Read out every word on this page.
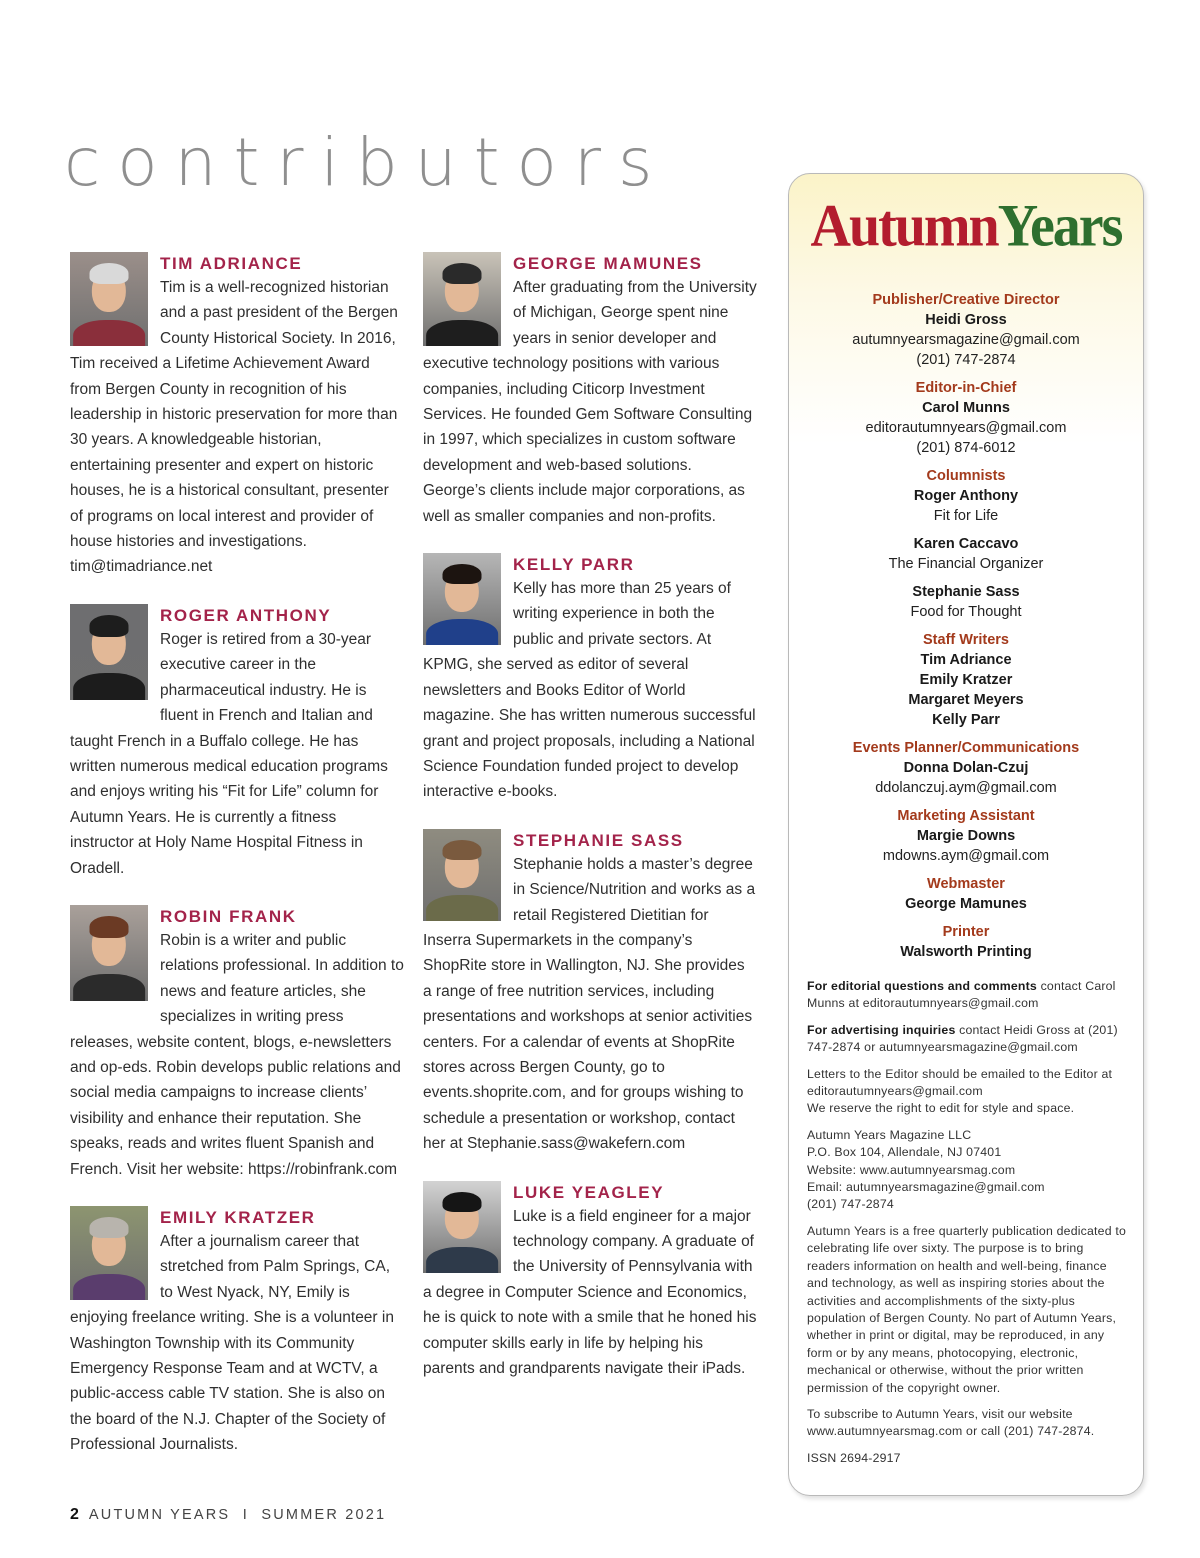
contributors
TIM ADRIANCE

Tim is a well-recognized historian and a past president of the Bergen County Historical Society. In 2016, Tim received a Lifetime Achievement Award from Bergen County in recognition of his leadership in historic preservation for more than 30 years. A knowledgeable historian, entertaining presenter and expert on historic houses, he is a historical consultant, presenter of programs on local interest and provider of house histories and investigations. tim@timadriance.net

ROGER ANTHONY

Roger is retired from a 30-year executive career in the pharmaceutical industry. He is fluent in French and Italian and taught French in a Buffalo college. He has written numerous medical education programs and enjoys writing his “Fit for Life” column for Autumn Years. He is currently a fitness instructor at Holy Name Hospital Fitness in Oradell.

ROBIN FRANK

Robin is a writer and public relations professional. In addition to news and feature articles, she specializes in writing press releases, website content, blogs, e-newsletters and op-eds. Robin develops public relations and social media campaigns to increase clients’ visibility and enhance their reputation. She speaks, reads and writes fluent Spanish and French. Visit her website: https://robinfrank.com

EMILY KRATZER

After a journalism career that stretched from Palm Springs, CA, to West Nyack, NY, Emily is enjoying freelance writing. She is a volunteer in Washington Township with its Community Emergency Response Team and at WCTV, a public-access cable TV station. She is also on the board of the N.J. Chapter of the Society of Professional Journalists.

GEORGE MAMUNES

After graduating from the University of Michigan, George spent nine years in senior developer and executive technology positions with various companies, including Citicorp Investment Services. He founded Gem Software Consulting in 1997, which specializes in custom software development and web-based solutions. George’s clients include major corporations, as well as smaller companies and non-profits.

KELLY PARR

Kelly has more than 25 years of writing experience in both the public and private sectors. At KPMG, she served as editor of several newsletters and Books Editor of World magazine. She has written numerous successful grant and project proposals, including a National Science Foundation funded project to develop interactive e-books.

STEPHANIE SASS

Stephanie holds a master’s degree in Science/Nutrition and works as a retail Registered Dietitian for Inserra Supermarkets in the company’s ShopRite store in Wallington, NJ. She provides a range of free nutrition services, including presentations and workshops at senior activities centers. For a calendar of events at ShopRite stores across Bergen County, go to events.shoprite.com, and for groups wishing to schedule a presentation or workshop, contact her at Stephanie.sass@wakefern.com

LUKE YEAGLEY

Luke is a field engineer for a major technology company. A graduate of the University of Pennsylvania with a degree in Computer Science and Economics, he is quick to note with a smile that he honed his computer skills early in life by helping his parents and grandparents navigate their iPads.

AutumnYears
Publisher/Creative Director
Heidi Gross
autumnyearsmagazine@gmail.com
(201) 747-2874
Editor-in-Chief
Carol Munns
editorautumnyears@gmail.com
(201) 874-6012
Columnists
Roger Anthony
Fit for Life
Karen Caccavo
The Financial Organizer
Stephanie Sass
Food for Thought
Staff Writers
Tim Adriance
Emily Kratzer
Margaret Meyers
Kelly Parr
Events Planner/Communications
Donna Dolan-Czuj
ddolanczuj.aym@gmail.com
Marketing Assistant
Margie Downs
mdowns.aym@gmail.com
Webmaster
George Mamunes
Printer
Walsworth Printing

For editorial questions and comments contact Carol Munns at editorautumnyears@gmail.com

For advertising inquiries contact Heidi Gross at (201) 747-2874 or autumnyearsmagazine@gmail.com

Letters to the Editor should be emailed to the Editor at editorautumnyears@gmail.com
We reserve the right to edit for style and space.

Autumn Years Magazine LLC
P.O. Box 104, Allendale, NJ 07401
Website: www.autumnyearsmag.com
Email: autumnyearsmagazine@gmail.com
(201) 747-2874

Autumn Years is a free quarterly publication dedicated to celebrating life over sixty. The purpose is to bring readers information on health and well-being, finance and technology, as well as inspiring stories about the activities and accomplishments of the sixty-plus population of Bergen County. No part of Autumn Years, whether in print or digital, may be reproduced, in any form or by any means, photocopying, electronic, mechanical or otherwise, without the prior written permission of the copyright owner.

To subscribe to Autumn Years, visit our website www.autumnyearsmag.com or call (201) 747-2874.

ISSN 2694-2917

2 AUTUMN YEARS  I  SUMMER 2021
